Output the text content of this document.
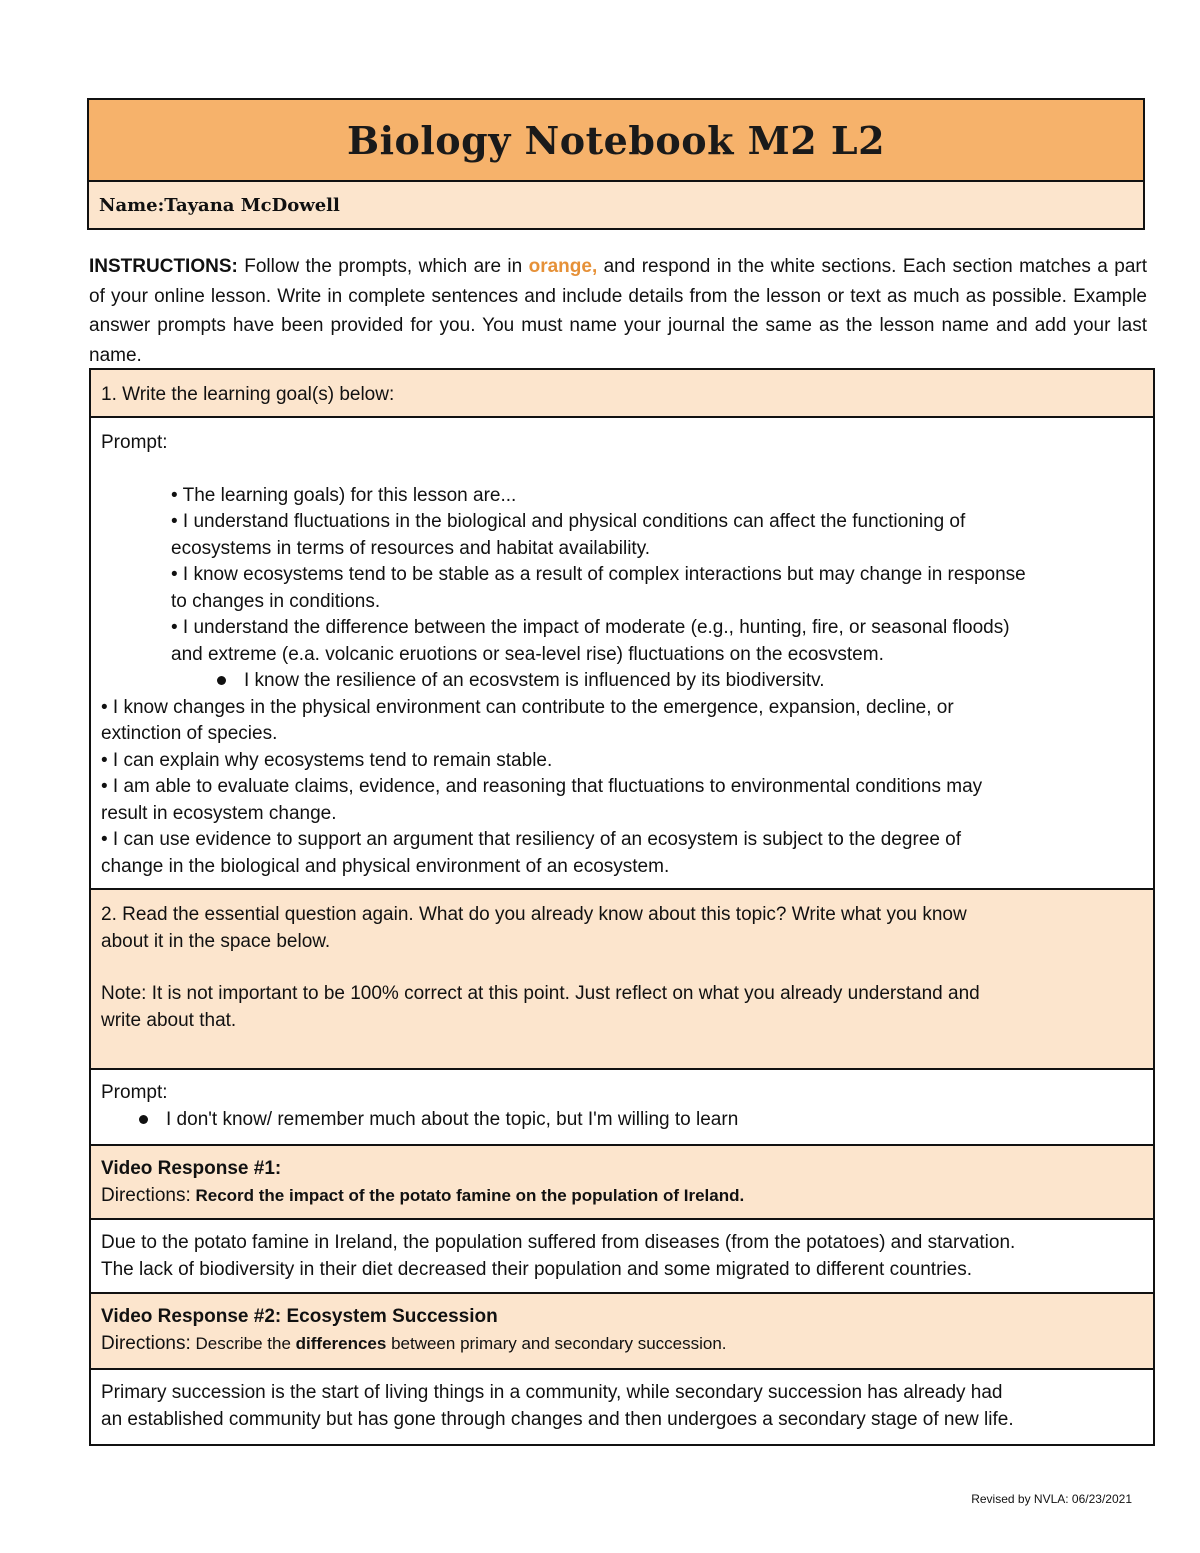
Biology Notebook M2 L2
Name: Tayana McDowell
INSTRUCTIONS: Follow the prompts, which are in orange, and respond in the white sections. Each section matches a part of your online lesson. Write in complete sentences and include details from the lesson or text as much as possible. Example answer prompts have been provided for you. You must name your journal the same as the lesson name and add your last name.
1. Write the learning goal(s) below:
Prompt:
• The learning goals) for this lesson are...
• I understand fluctuations in the biological and physical conditions can affect the functioning of
ecosystems in terms of resources and habitat availability.
• I know ecosystems tend to be stable as a result of complex interactions but may change in response
to changes in conditions.
• I understand the difference between the impact of moderate (e.g., hunting, fire, or seasonal floods)
and extreme (e.a. volcanic eruotions or sea-level rise) fluctuations on the ecosvstem.
I know the resilience of an ecosvstem is influenced by its biodiversitv.
• I know changes in the physical environment can contribute to the emergence, expansion, decline, or
extinction of species.
• I can explain why ecosystems tend to remain stable.
• I am able to evaluate claims, evidence, and reasoning that fluctuations to environmental conditions may
result in ecosystem change.
• I can use evidence to support an argument that resiliency of an ecosystem is subject to the degree of
change in the biological and physical environment of an ecosystem.
2. Read the essential question again. What do you already know about this topic? Write what you know
about it in the space below.
Note: It is not important to be 100% correct at this point. Just reflect on what you already understand and
write about that.
Prompt:
I don't know/ remember much about the topic, but I'm willing to learn
Video Response #1:
Directions: Record the impact of the potato famine on the population of Ireland.
Due to the potato famine in Ireland, the population suffered from diseases (from the potatoes) and starvation.
The lack of biodiversity in their diet decreased their population and some migrated to different countries.
Video Response #2: Ecosystem Succession
Directions: Describe the differences between primary and secondary succession.
Primary succession is the start of living things in a community, while secondary succession has already had
an established community but has gone through changes and then undergoes a secondary stage of new life.
Revised by NVLA: 06/23/2021
